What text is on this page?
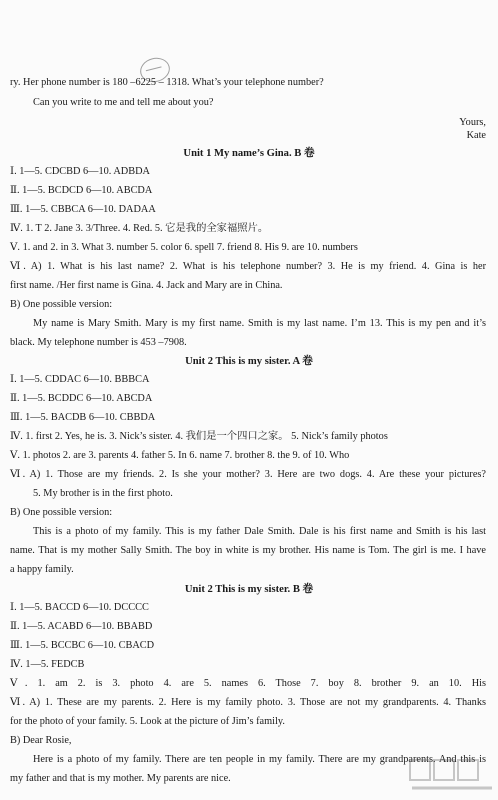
ry. Her phone number is 180 –6225 – 1318. What’s your telephone number?
Can you write to me and tell me about you?
Yours,
Kate
Unit 1 My name’s Gina. B 卷
Ⅰ. 1—5. CDCBD 6—10. ADBDA
Ⅱ. 1—5. BCDCD 6—10. ABCDA
Ⅲ. 1—5. CBBCA 6—10. DADAA
Ⅳ. 1. T 2. Jane 3. 3/Three. 4. Red. 5. 它是我的全家福照片。
Ⅴ. 1. and 2. in 3. What 3. number 5. color 6. spell 7. friend 8. His 9. are 10. numbers
Ⅵ. A) 1. What is his last name? 2. What is his telephone number? 3. He is my friend. 4. Gina is her
first name. /Her first name is Gina. 4. Jack and Mary are in China.
B) One possible version:
My name is Mary Smith. Mary is my first name. Smith is my last name. I’m 13. This is my pen and it’s
black. My telephone number is 453 –7908.
Unit 2 This is my sister. A 卷
Ⅰ. 1—5. CDDAC 6—10. BBBCA
Ⅱ. 1—5. BCDDC 6—10. ABCDA
Ⅲ. 1—5. BACDB 6—10. CBBDA
Ⅳ. 1. first 2. Yes, he is. 3. Nick’s sister. 4. 我们是一个四口之家。 5. Nick’s family photos
Ⅴ. 1. photos 2. are 3. parents 4. father 5. In 6. name 7. brother 8. the 9. of 10. Who
Ⅵ. A) 1. Those are my friends. 2. Is she your mother? 3. Here are two dogs. 4. Are these your pictures?
5. My brother is in the first photo.
B) One possible version:
This is a photo of my family. This is my father Dale Smith. Dale is his first name and Smith is his last
name. That is my mother Sally Smith. The boy in white is my brother. His name is Tom. The girl is me. I have
a happy family.
Unit 2 This is my sister. B 卷
Ⅰ. 1—5. BACCD 6—10. DCCCC
Ⅱ. 1—5. ACABD 6—10. BBABD
Ⅲ. 1—5. BCCBC 6—10. CBACD
Ⅳ. 1—5. FEDCB
Ⅴ. 1. am 2. is 3. photo 4. are 5. names 6. Those 7. boy 8. brother 9. an 10. His
Ⅵ. A) 1. These are my parents. 2. Here is my family photo. 3. Those are not my grandparents. 4. Thanks
for the photo of your family. 5. Look at the picture of Jim’s family.
B) Dear Rosie,
Here is a photo of my family. There are ten people in my family. There are my grandparents. And this is
my father and that is my mother. My parents are nice.
